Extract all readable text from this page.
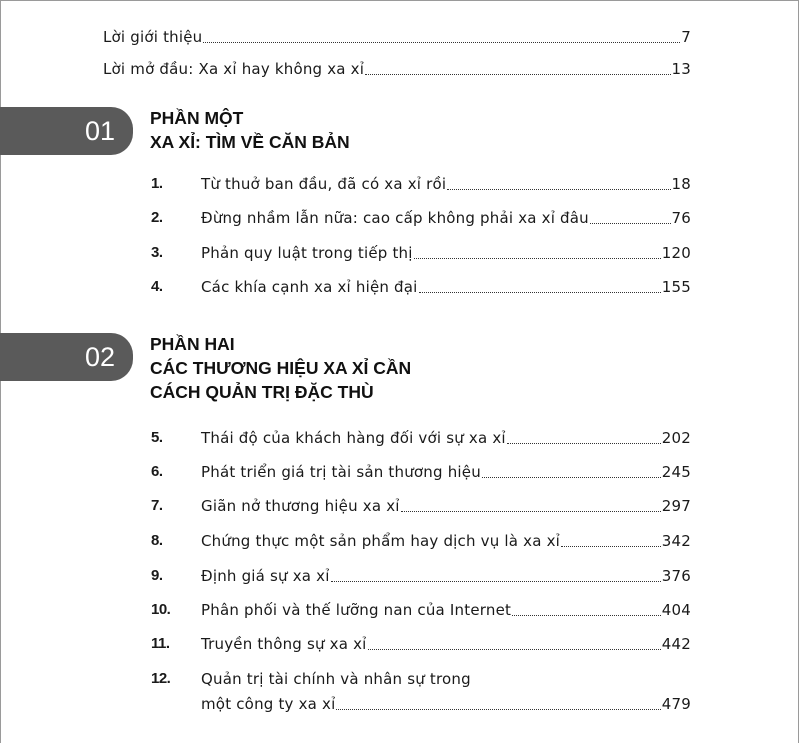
Lời giới thiệu	7
Lời mở đầu: Xa xỉ hay không xa xỉ	13
01	PHẦN MỘT
XA XỈ: TÌM VỀ CĂN BẢN
1.	Từ thuở ban đầu, đã có xa xỉ rồi	18
2.	Đừng nhầm lẫn nữa: cao cấp không phải xa xỉ đâu	76
3.	Phản quy luật trong tiếp thị	120
4.	Các khía cạnh xa xỉ hiện đại	155
02	PHẦN HAI
CÁC THƯƠNG HIỆU XA XỈ CẦN
CÁCH QUẢN TRỊ ĐẶC THÙ
5.	Thái độ của khách hàng đối với sự xa xỉ	202
6.	Phát triển giá trị tài sản thương hiệu	245
7.	Giãn nở thương hiệu xa xỉ	297
8.	Chứng thực một sản phẩm hay dịch vụ là xa xỉ	342
9.	Định giá sự xa xỉ	376
10. Phân phối và thế lưỡng nan của Internet	404
11. Truyền thông sự xa xỉ	442
12. Quản trị tài chính và nhân sự trong
một công ty xa xỉ	479
